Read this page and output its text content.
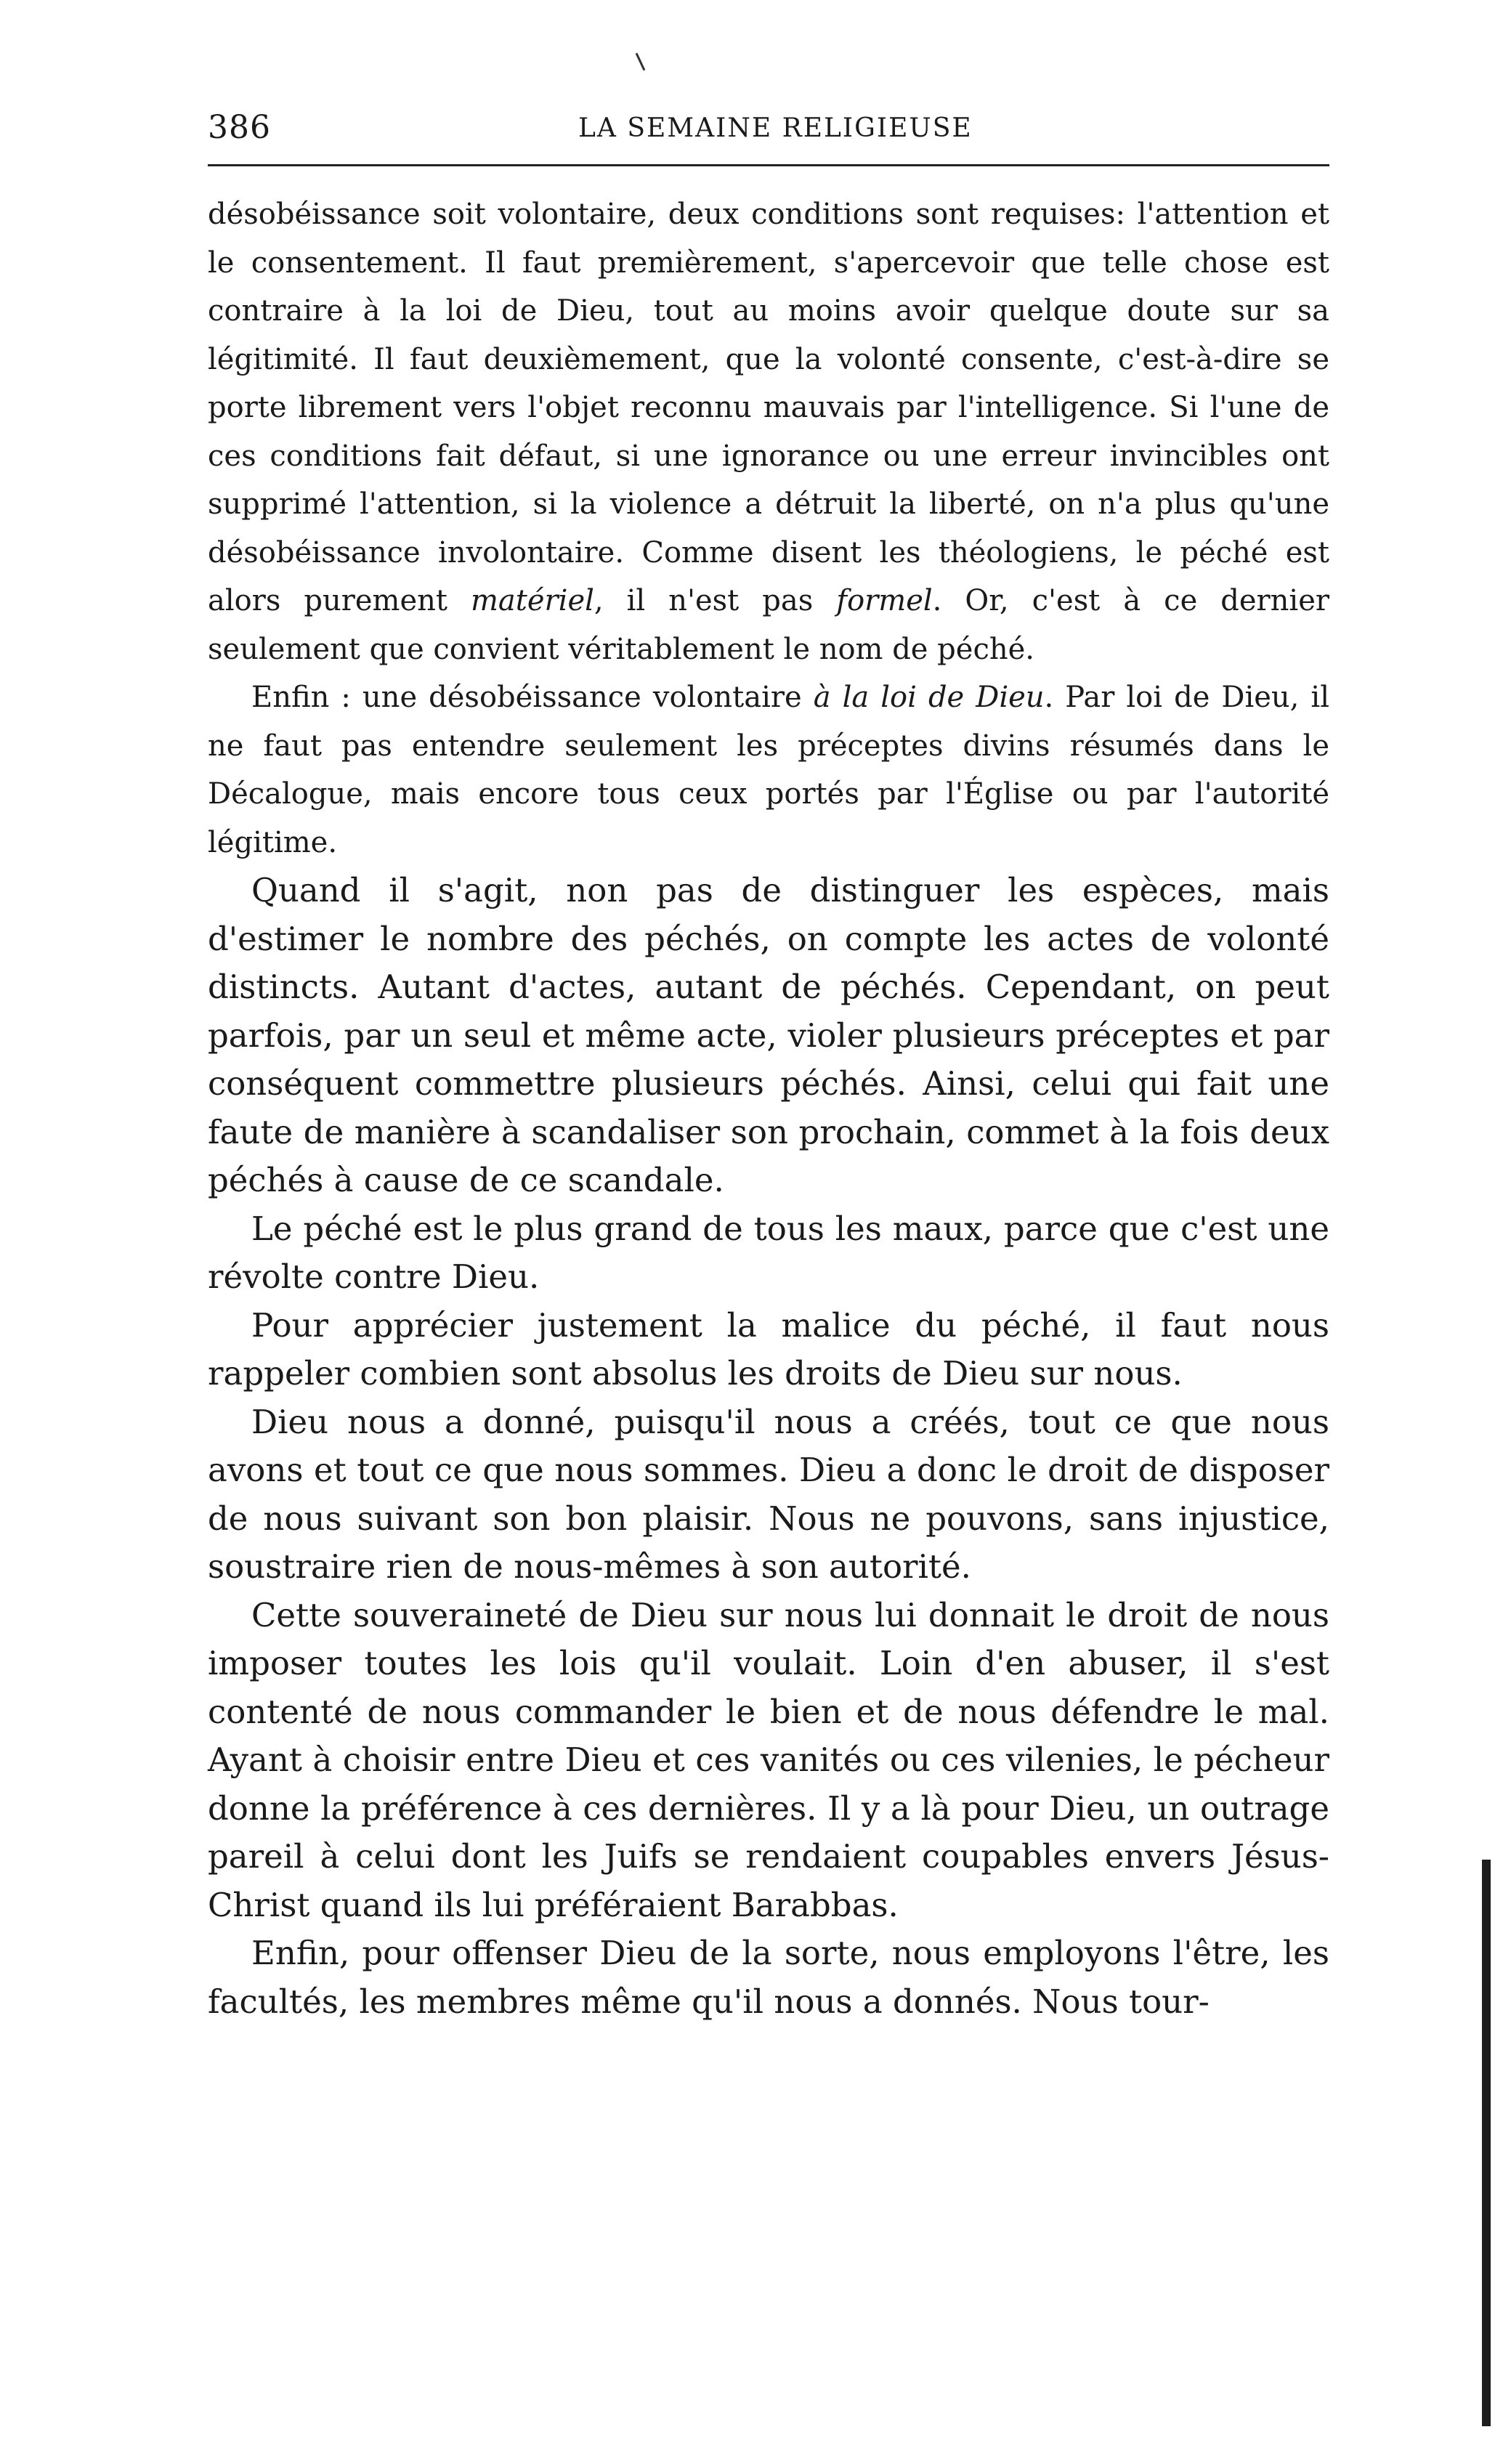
386	LA SEMAINE RELIGIEUSE

désobéissance soit volontaire, deux conditions sont requises: l'attention et le consentement. Il faut premièrement, s'apercevoir que telle chose est contraire à la loi de Dieu, tout au moins avoir quelque doute sur sa légitimité. Il faut deuxièmement, que la volonté consente, c'est-à-dire se porte librement vers l'objet reconnu mauvais par l'intelligence. Si l'une de ces conditions fait défaut, si une ignorance ou une erreur invincibles ont supprimé l'attention, si la violence a détruit la liberté, on n'a plus qu'une désobéissance involontaire. Comme disent les théologiens, le péché est alors purement matériel, il n'est pas formel. Or, c'est à ce dernier seulement que convient véritablement le nom de péché.

Enfin : une désobéissance volontaire à la loi de Dieu. Par loi de Dieu, il ne faut pas entendre seulement les préceptes divins résumés dans le Décalogue, mais encore tous ceux portés par l'Église ou par l'autorité légitime.

Quand il s'agit, non pas de distinguer les espèces, mais d'estimer le nombre des péchés, on compte les actes de volonté distincts. Autant d'actes, autant de péchés. Cependant, on peut parfois, par un seul et même acte, violer plusieurs préceptes et par conséquent commettre plusieurs péchés. Ainsi, celui qui fait une faute de manière à scandaliser son prochain, commet à la fois deux péchés à cause de ce scandale.

Le péché est le plus grand de tous les maux, parce que c'est une révolte contre Dieu.

Pour apprécier justement la malice du péché, il faut nous rappeler combien sont absolus les droits de Dieu sur nous.

Dieu nous a donné, puisqu'il nous a créés, tout ce que nous avons et tout ce que nous sommes. Dieu a donc le droit de disposer de nous suivant son bon plaisir. Nous ne pouvons, sans injustice, soustraire rien de nous-mêmes à son autorité.

Cette souveraineté de Dieu sur nous lui donnait le droit de nous imposer toutes les lois qu'il voulait. Loin d'en abuser, il s'est contenté de nous commander le bien et de nous défendre le mal. Ayant à choisir entre Dieu et ces vanités ou ces vilenies, le pécheur donne la préférence à ces dernières. Il y a là pour Dieu, un outrage pareil à celui dont les Juifs se rendaient coupables envers Jésus-Christ quand ils lui préféraient Barabbas.

Enfin, pour offenser Dieu de la sorte, nous employons l'être, les facultés, les membres même qu'il nous a donnés. Nous tour-
